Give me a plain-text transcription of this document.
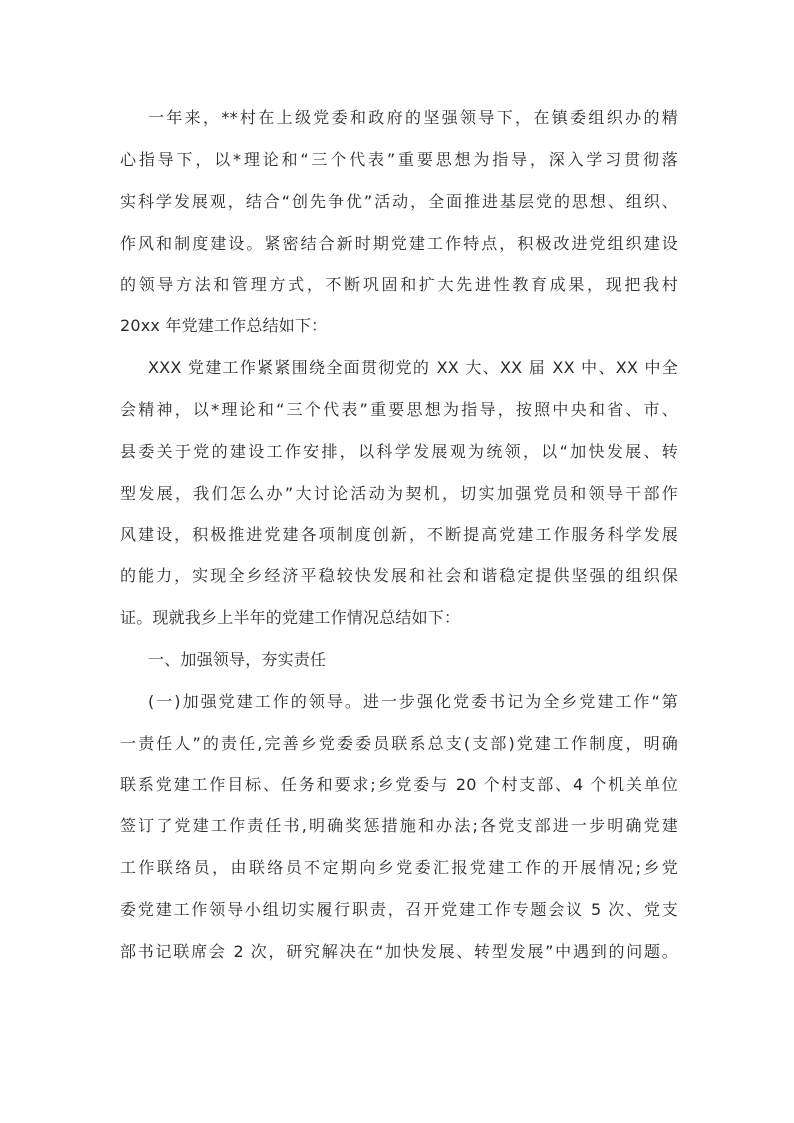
一年来，**村在上级党委和政府的坚强领导下，在镇委组织办的精
心指导下，以*理论和“三个代表”重要思想为指导，深入学习贯彻落
实科学发展观，结合“创先争优”活动，全面推进基层党的思想、组织、
作风和制度建设。紧密结合新时期党建工作特点，积极改进党组织建设
的领导方法和管理方式，不断巩固和扩大先进性教育成果，现把我村
20xx 年党建工作总结如下：
XXX 党建工作紧紧围绕全面贯彻党的 XX 大、XX 届 XX 中、XX 中全
会精神，以*理论和“三个代表”重要思想为指导，按照中央和省、市、
县委关于党的建设工作安排，以科学发展观为统领，以“加快发展、转
型发展，我们怎么办”大讨论活动为契机，切实加强党员和领导干部作
风建设，积极推进党建各项制度创新，不断提高党建工作服务科学发展
的能力，实现全乡经济平稳较快发展和社会和谐稳定提供坚强的组织保
证。现就我乡上半年的党建工作情况总结如下：
一、加强领导，夯实责任
(一)加强党建工作的领导。进一步强化党委书记为全乡党建工作“第
一责任人”的责任,完善乡党委委员联系总支(支部)党建工作制度，明确
联系党建工作目标、任务和要求;乡党委与 20 个村支部、4 个机关单位
签订了党建工作责任书,明确奖惩措施和办法;各党支部进一步明确党建
工作联络员，由联络员不定期向乡党委汇报党建工作的开展情况;乡党
委党建工作领导小组切实履行职责，召开党建工作专题会议 5 次、党支
部书记联席会 2 次，研究解决在“加快发展、转型发展”中遇到的问题。
